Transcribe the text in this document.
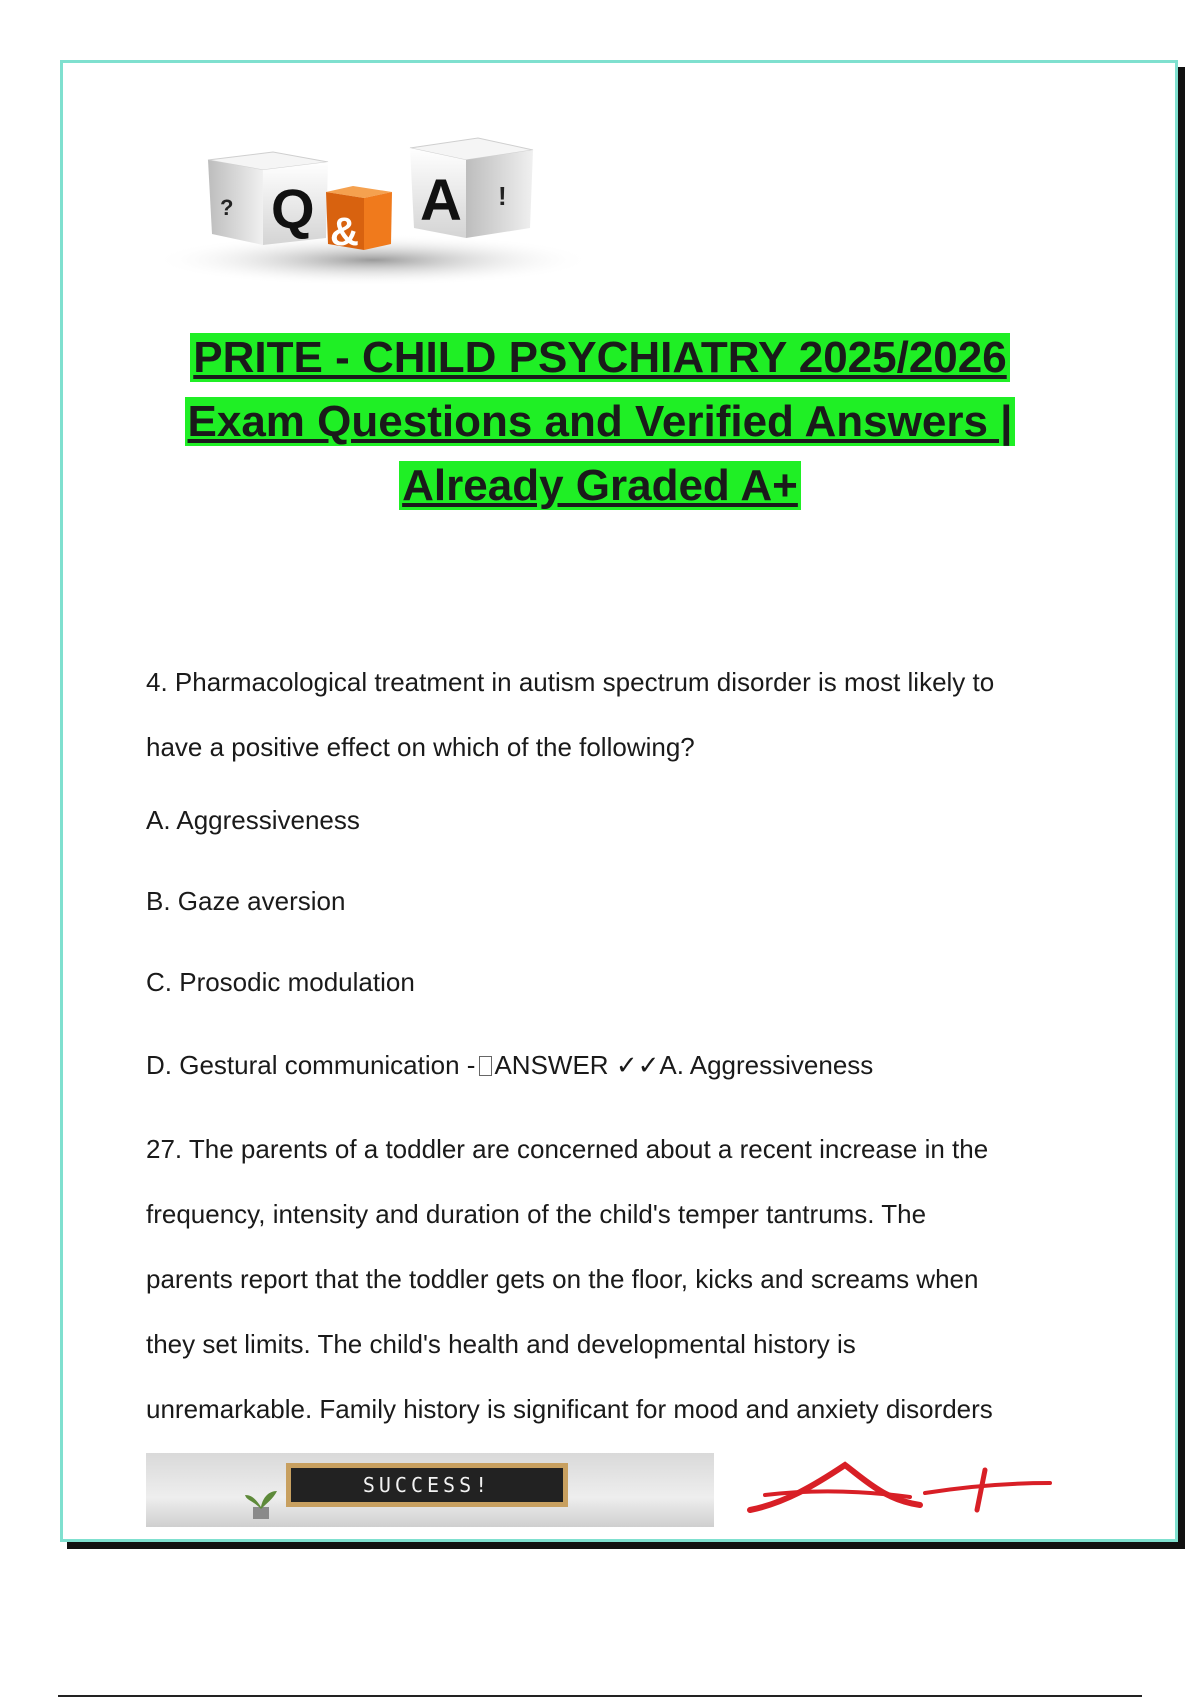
? Q & A !
PRITE - CHILD PSYCHIATRY 2025/2026
Exam Questions and Verified Answers |
Already Graded A+
4. Pharmacological treatment in autism spectrum disorder is most likely to
have a positive effect on which of the following?
A. Aggressiveness
B. Gaze aversion
C. Prosodic modulation
D. Gestural communication - ANSWER ✓✓A. Aggressiveness
27. The parents of a toddler are concerned about a recent increase in the
frequency, intensity and duration of the child's temper tantrums. The
parents report that the toddler gets on the floor, kicks and screams when
they set limits. The child's health and developmental history is
unremarkable. Family history is significant for mood and anxiety disorders
SUCCESS!
